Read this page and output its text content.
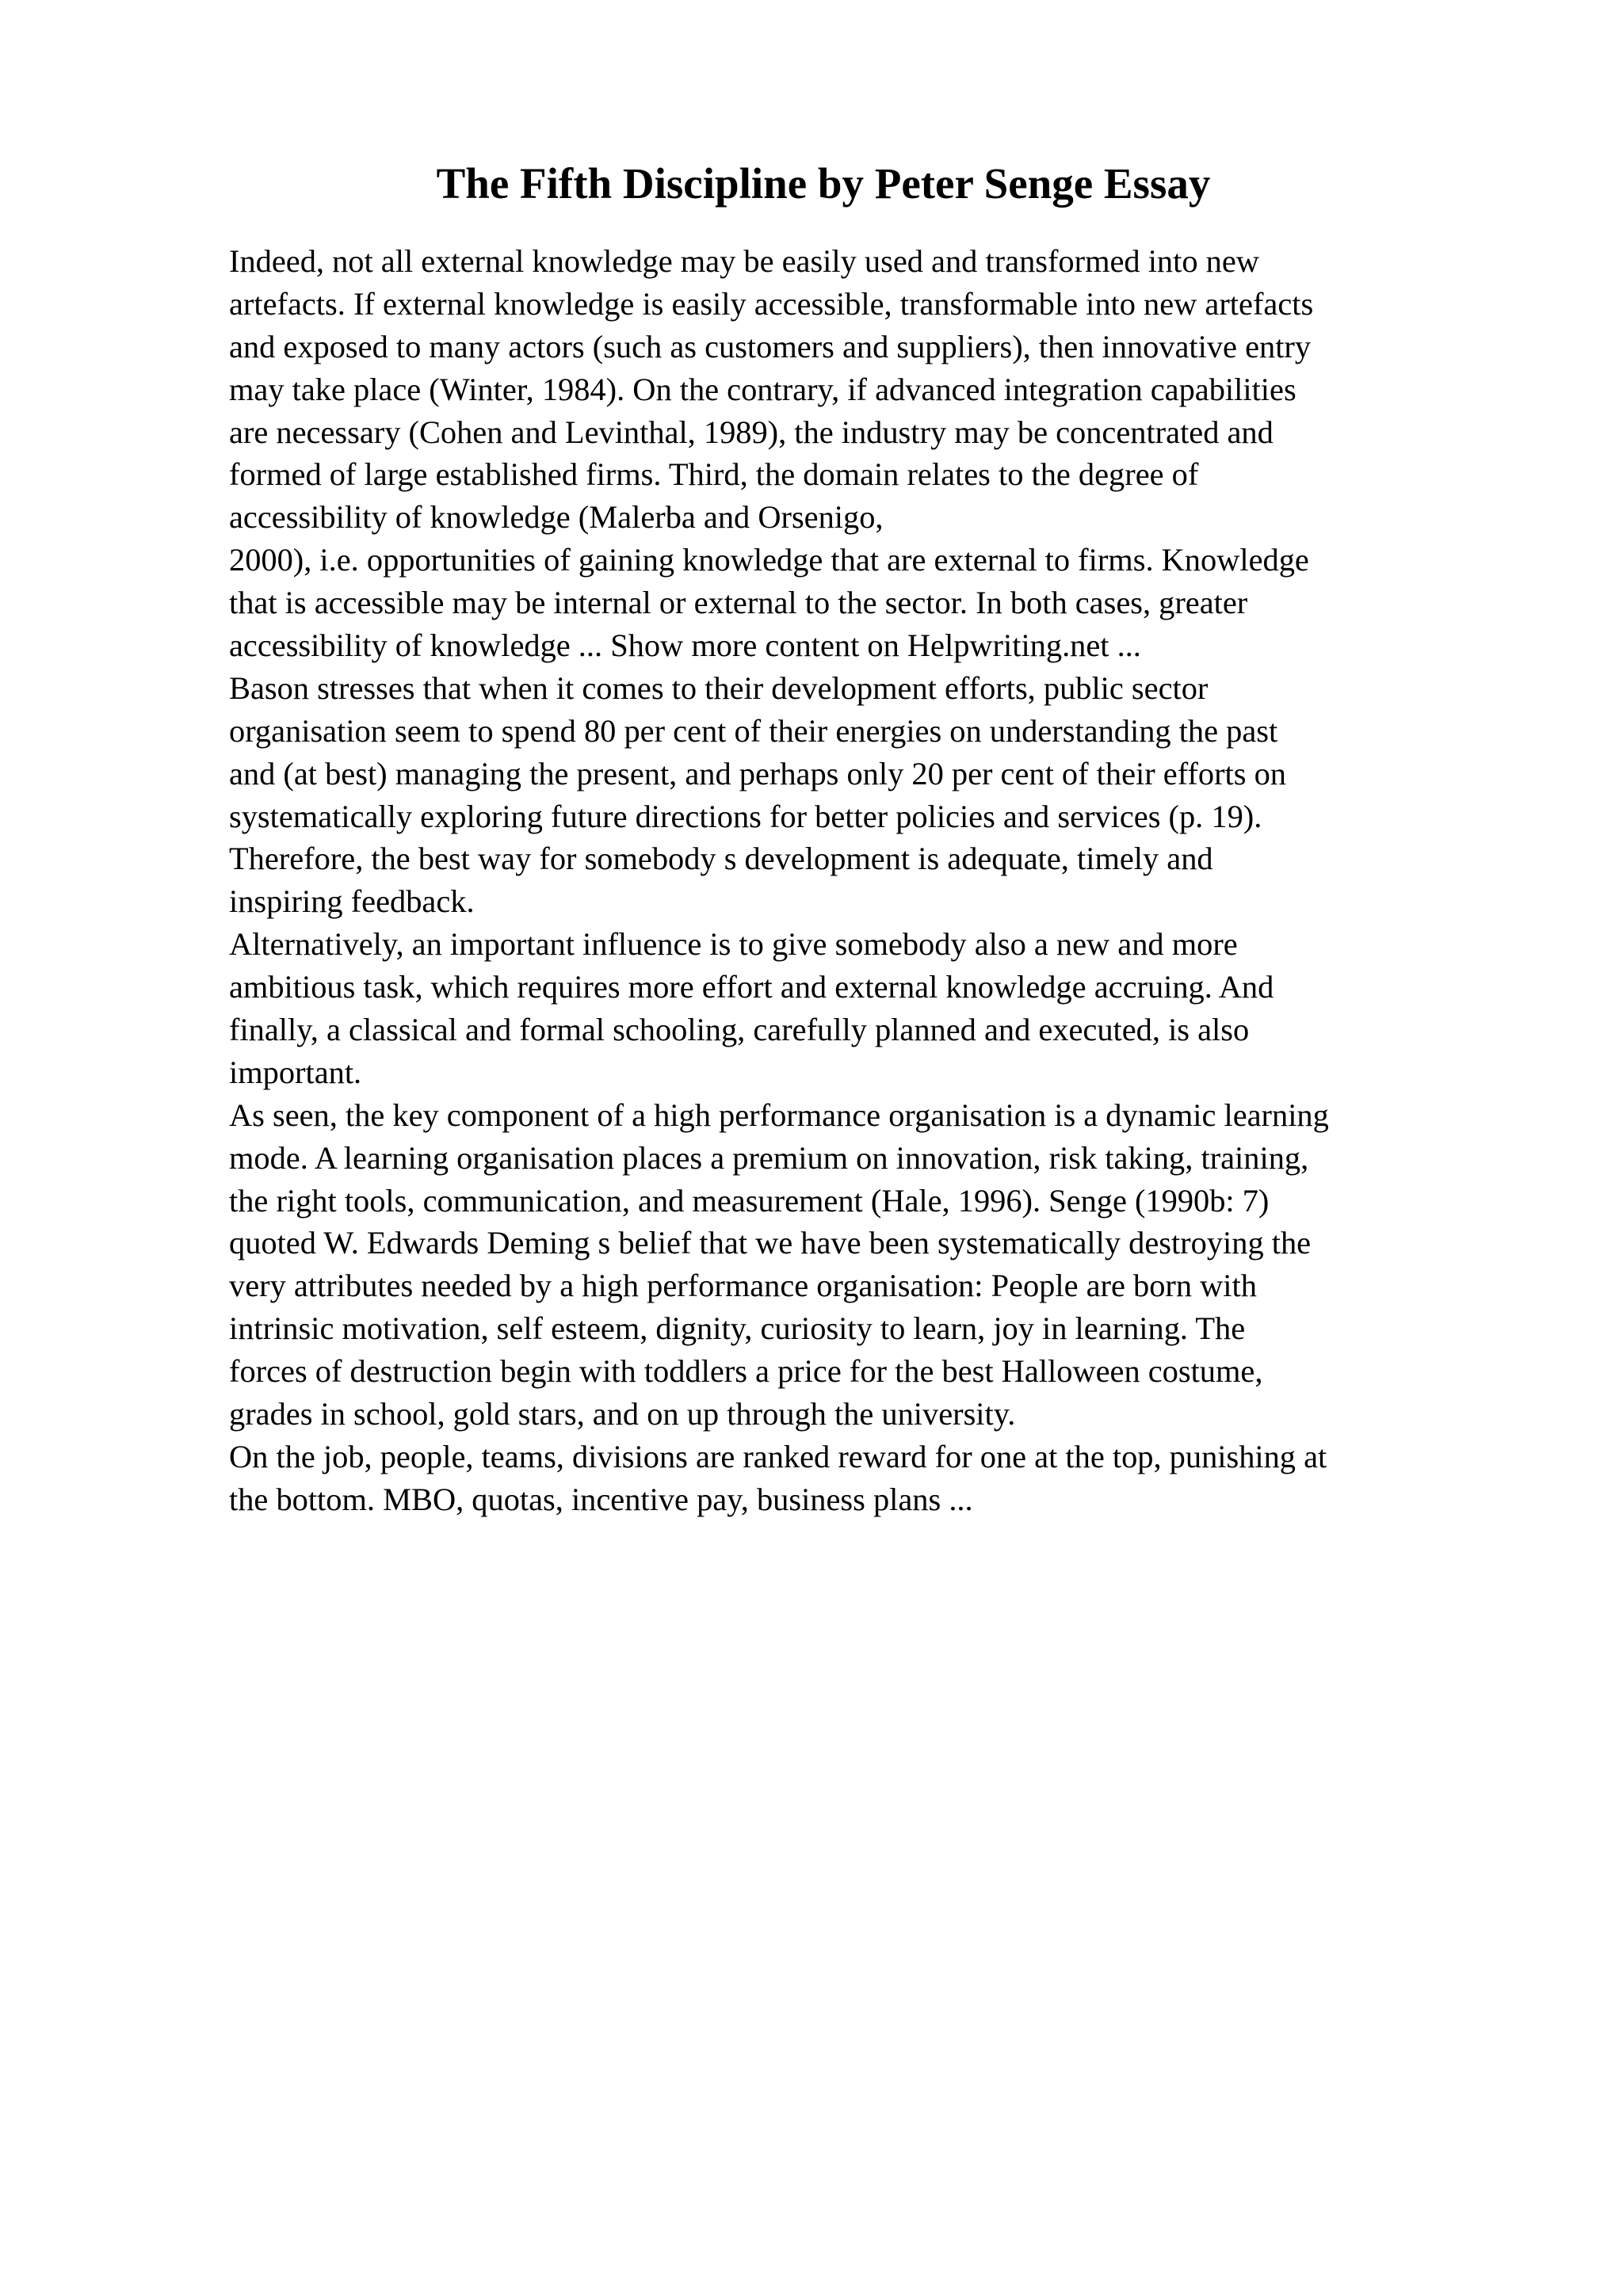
The Fifth Discipline by Peter Senge Essay
Indeed, not all external knowledge may be easily used and transformed into new
artefacts. If external knowledge is easily accessible, transformable into new artefacts
and exposed to many actors (such as customers and suppliers), then innovative entry
may take place (Winter, 1984). On the contrary, if advanced integration capabilities
are necessary (Cohen and Levinthal, 1989), the industry may be concentrated and
formed of large established firms. Third, the domain relates to the degree of
accessibility of knowledge (Malerba and Orsenigo,
2000), i.e. opportunities of gaining knowledge that are external to firms. Knowledge
that is accessible may be internal or external to the sector. In both cases, greater
accessibility of knowledge ... Show more content on Helpwriting.net ...
Bason stresses that when it comes to their development efforts, public sector
organisation seem to spend 80 per cent of their energies on understanding the past
and (at best) managing the present, and perhaps only 20 per cent of their efforts on
systematically exploring future directions for better policies and services (p. 19).
Therefore, the best way for somebody s development is adequate, timely and
inspiring feedback.
Alternatively, an important influence is to give somebody also a new and more
ambitious task, which requires more effort and external knowledge accruing. And
finally, a classical and formal schooling, carefully planned and executed, is also
important.
As seen, the key component of a high performance organisation is a dynamic learning
mode. A learning organisation places a premium on innovation, risk taking, training,
the right tools, communication, and measurement (Hale, 1996). Senge (1990b: 7)
quoted W. Edwards Deming s belief that we have been systematically destroying the
very attributes needed by a high performance organisation: People are born with
intrinsic motivation, self esteem, dignity, curiosity to learn, joy in learning. The
forces of destruction begin with toddlers a price for the best Halloween costume,
grades in school, gold stars, and on up through the university.
On the job, people, teams, divisions are ranked reward for one at the top, punishing at
the bottom. MBO, quotas, incentive pay, business plans ...
